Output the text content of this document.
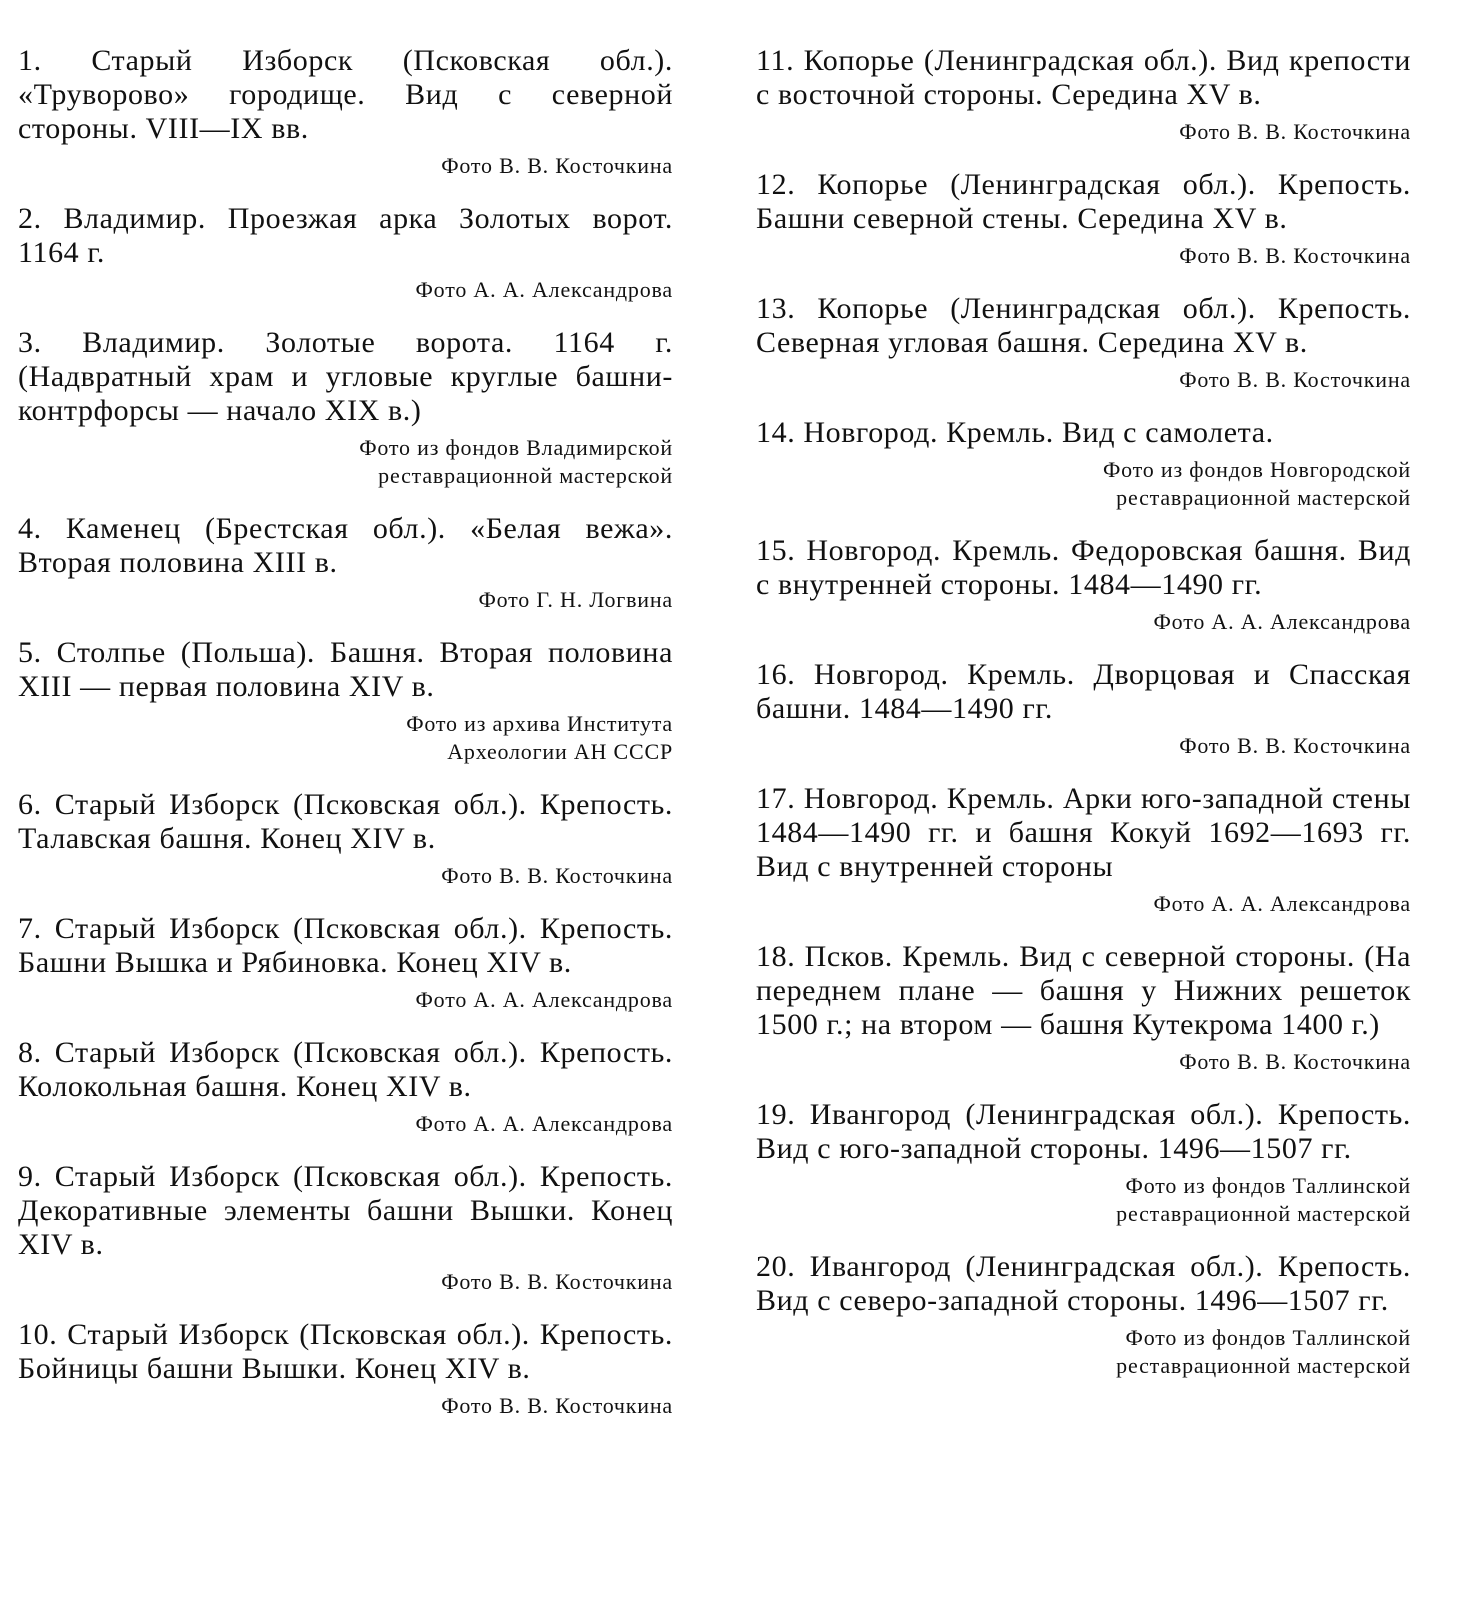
1. Старый Изборск (Псковская обл.). «Труворово» городище. Вид с северной стороны. VIII—IX вв.

Фото В. В. Косточкина

2. Владимир. Проезжая арка Золотых ворот. 1164 г.

Фото А. А. Александрова

3. Владимир. Золотые ворота. 1164 г. (Надвратный храм и угловые круглые башни-контрфорсы — начало XIX в.)

Фото из фондов Владимирской
реставрационной мастерской

4. Каменец (Брестская обл.). «Белая вежа». Вторая половина XIII в.

Фото Г. Н. Логвина

5. Столпье (Польша). Башня. Вторая половина XIII — первая половина XIV в.

Фото из архива Института
Археологии АН СССР

6. Старый Изборск (Псковская обл.). Крепость. Талавская башня. Конец XIV в.

Фото В. В. Косточкина

7. Старый Изборск (Псковская обл.). Крепость. Башни Вышка и Рябиновка. Конец XIV в.

Фото А. А. Александрова

8. Старый Изборск (Псковская обл.). Крепость. Колокольная башня. Конец XIV в.

Фото А. А. Александрова

9. Старый Изборск (Псковская обл.). Крепость. Декоративные элементы башни Вышки. Конец XIV в.

Фото В. В. Косточкина

10. Старый Изборск (Псковская обл.). Крепость. Бойницы башни Вышки. Конец XIV в.

Фото В. В. Косточкина

11. Копорье (Ленинградская обл.). Вид крепости с восточной стороны. Середина XV в.

Фото В. В. Косточкина

12. Копорье (Ленинградская обл.). Крепость. Башни северной стены. Середина XV в.

Фото В. В. Косточкина

13. Копорье (Ленинградская обл.). Крепость. Северная угловая башня. Середина XV в.

Фото В. В. Косточкина

14. Новгород. Кремль. Вид с самолета.

Фото из фондов Новгородской
реставрационной мастерской

15. Новгород. Кремль. Федоровская башня. Вид с внутренней стороны. 1484—1490 гг.

Фото А. А. Александрова

16. Новгород. Кремль. Дворцовая и Спасская башни. 1484—1490 гг.

Фото В. В. Косточкина

17. Новгород. Кремль. Арки юго-западной стены 1484—1490 гг. и башня Кокуй 1692—1693 гг. Вид с внутренней стороны

Фото А. А. Александрова

18. Псков. Кремль. Вид с северной стороны. (На переднем плане — башня у Нижних решеток 1500 г.; на втором — башня Кутекрома 1400 г.)

Фото В. В. Косточкина

19. Ивангород (Ленинградская обл.). Крепость. Вид с юго-западной стороны. 1496—1507 гг.

Фото из фондов Таллинской
реставрационной мастерской

20. Ивангород (Ленинградская обл.). Крепость. Вид с северо-западной стороны. 1496—1507 гг.

Фото из фондов Таллинской
реставрационной мастерской
